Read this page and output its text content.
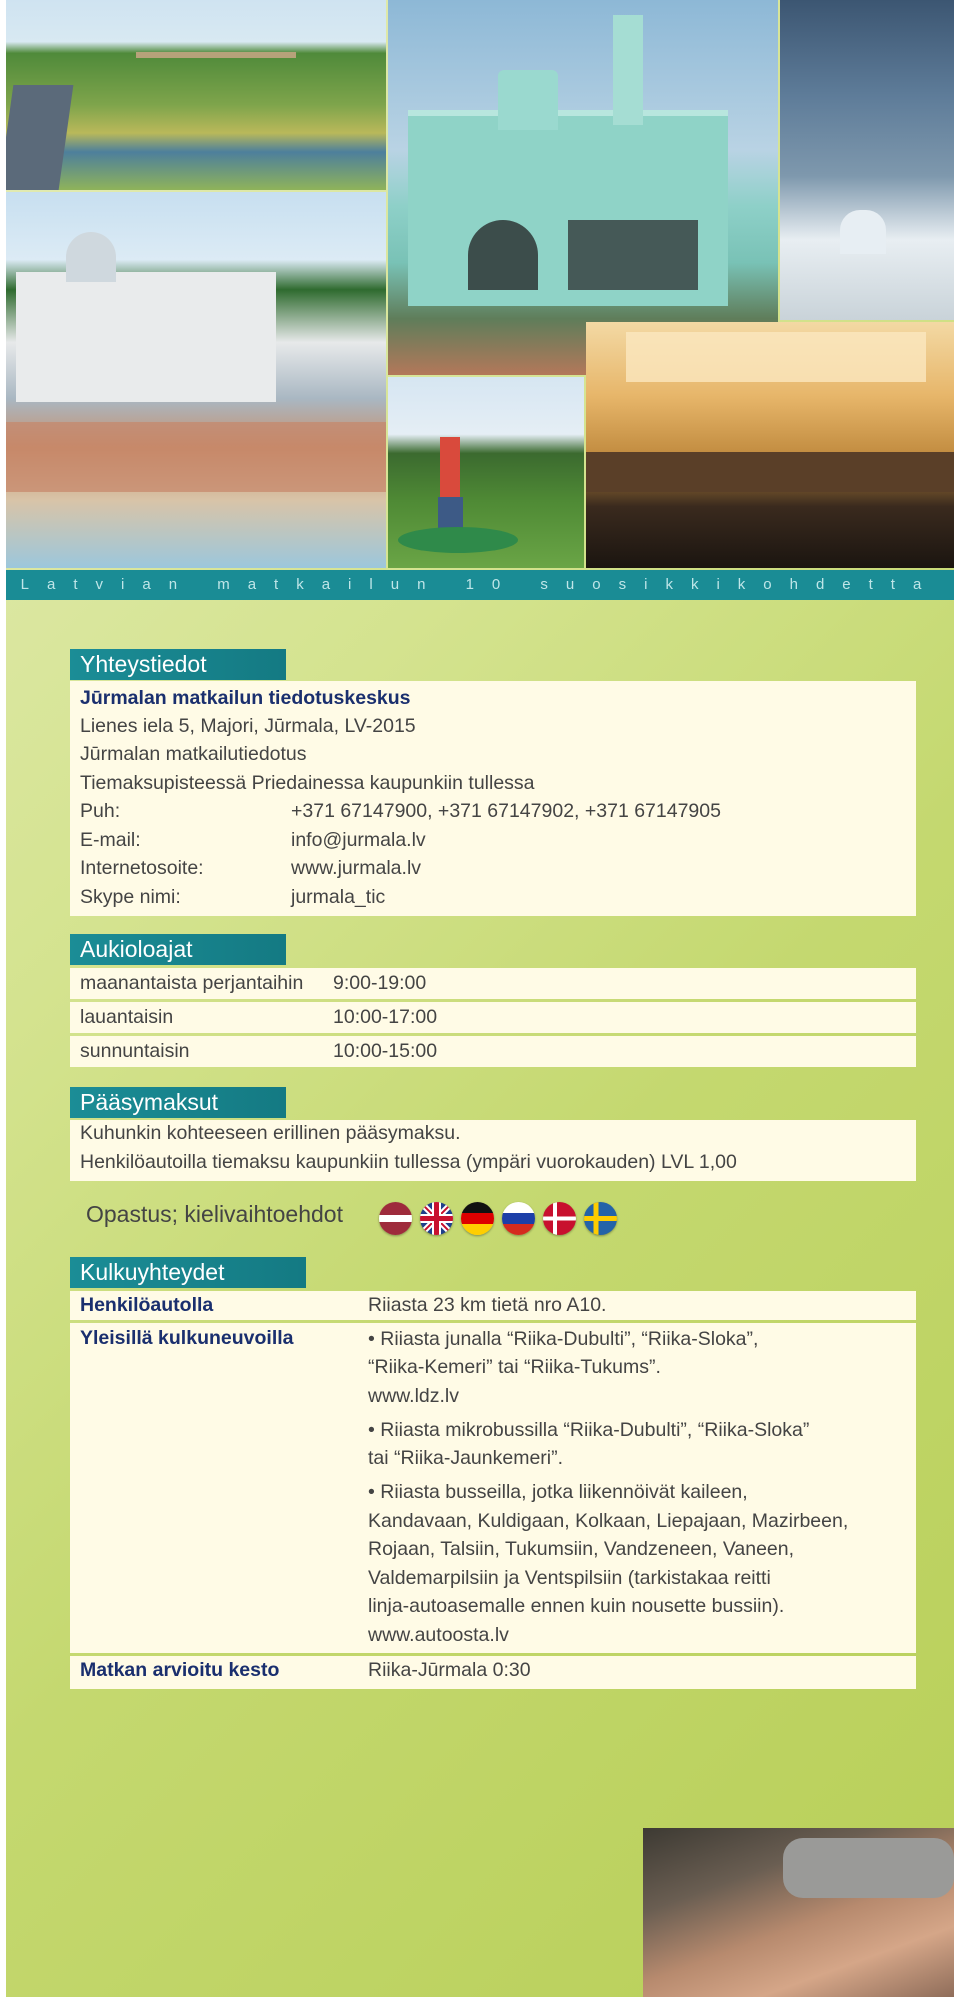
Latvian matkailun 10 suosikkikohdetta
Yhteystiedot
Jūrmalan matkailun tiedotuskeskus
Lienes iela 5, Majori, Jūrmala, LV-2015
Jūrmalan matkailutiedotus
Tiemaksupisteessä Priedainessa kaupunkiin tullessa
Puh:	+371 67147900, +371 67147902, +371 67147905
E-mail:	info@jurmala.lv
Internetosoite:	www.jurmala.lv
Skype nimi:	jurmala_tic
Aukioloajat
maanantaista perjantaihin 9:00-19:00
lauantaisin	10:00-17:00
sunnuntaisin	10:00-15:00
Pääsymaksut
Kuhunkin kohteeseen erillinen pääsymaksu.
Henkilöautoilla tiemaksu kaupunkiin tullessa (ympäri vuorokauden) LVL 1,00
Opastus; kielivaihtoehdot
Kulkuyhteydet
Henkilöautolla	Riiasta 23 km tietä nro A10.
Yleisillä kulkuneuvoilla	• Riiasta junalla “Riika-Dubulti”, “Riika-Sloka”,
“Riika-Kemeri” tai “Riika-Tukums”.
www.ldz.lv
• Riiasta mikrobussilla “Riika-Dubulti”, “Riika-Sloka”
tai “Riika-Jaunkemeri”.
• Riiasta busseilla, jotka liikennöivät kaileen,
Kandavaan, Kuldigaan, Kolkaan, Liepajaan, Mazirbeen,
Rojaan, Talsiin, Tukumsiin, Vandzeneen, Vaneen,
Valdemarpilsiin ja Ventspilsiin (tarkistakaa reitti
linja-autoasemalle ennen kuin nousette bussiin).
www.autoosta.lv
Matkan arvioitu kesto	Riika-Jūrmala 0:30
